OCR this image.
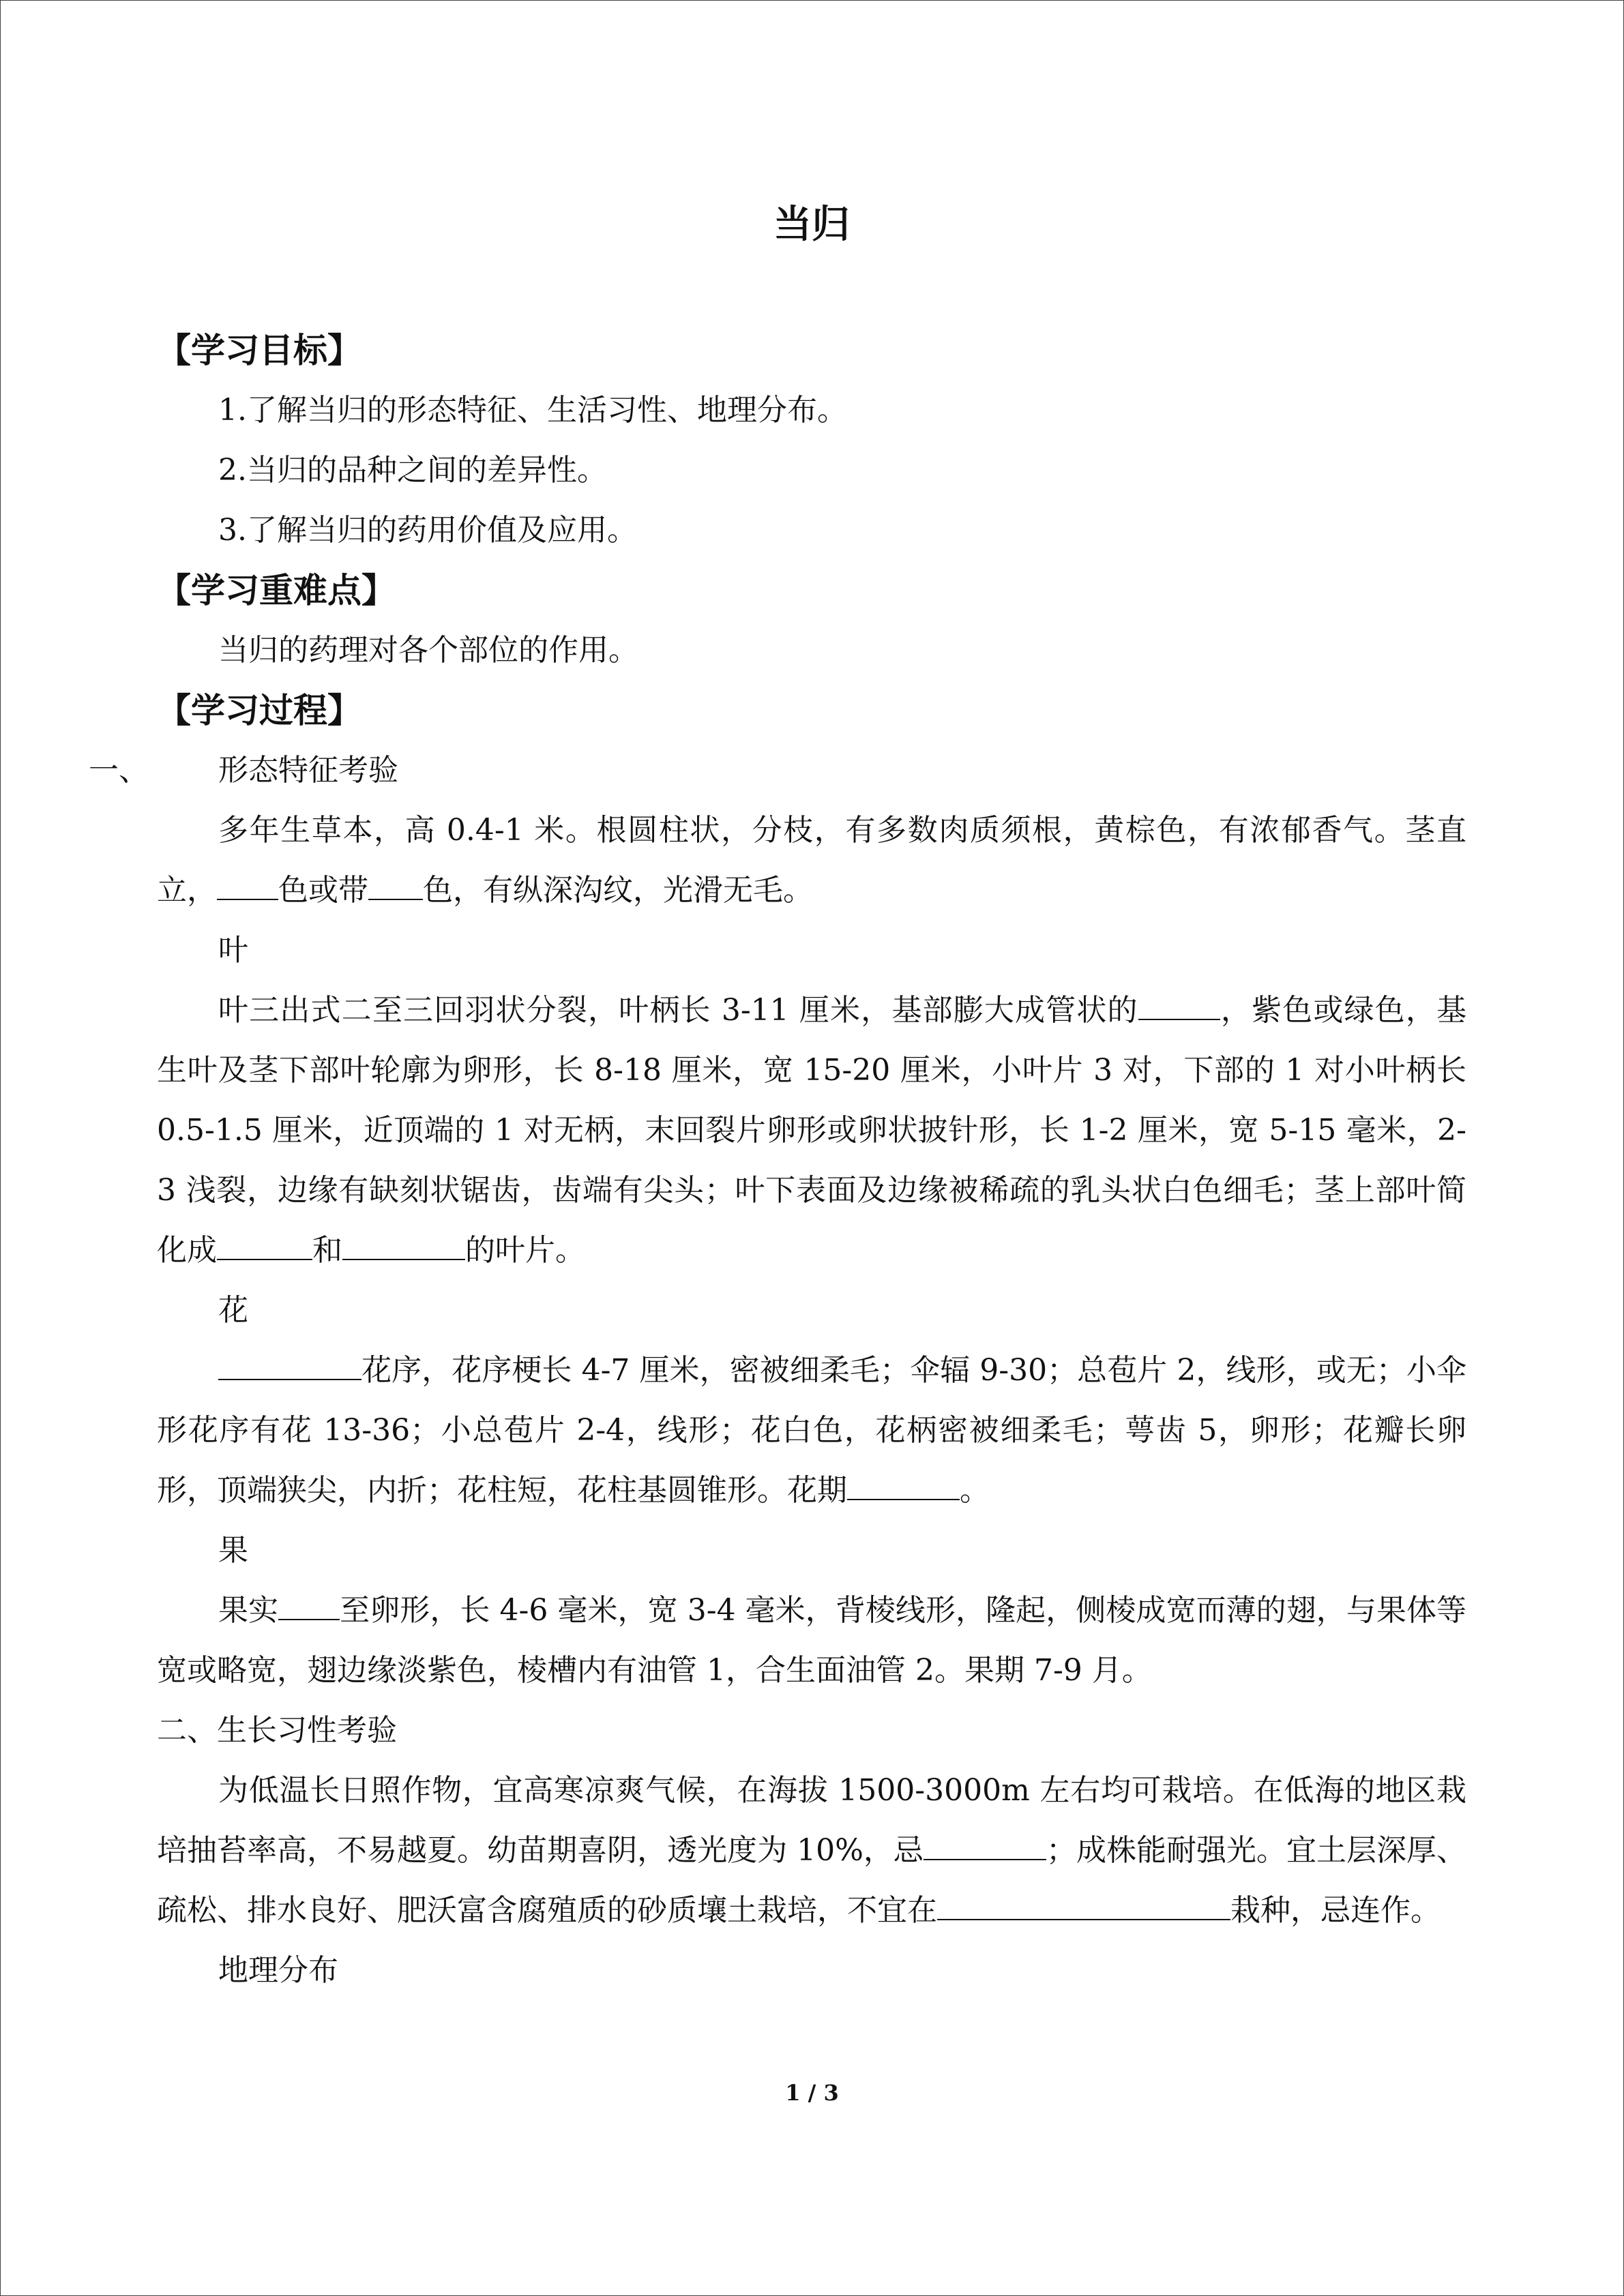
当归

【学习目标】

1.了解当归的形态特征、生活习性、地理分布。

2.当归的品种之间的差异性。

3.了解当归的药用价值及应用。

【学习重难点】

当归的药理对各个部位的作用。

【学习过程】

一、 形态特征考验

多年生草本，高 0.4-1 米。根圆柱状，分枝，有多数肉质须根，黄棕色，有浓郁香气。茎直立， 色或带 色，有纵深沟纹，光滑无毛。

叶

叶三出式二至三回羽状分裂，叶柄长 3-11 厘米，基部膨大成管状的	，紫色或绿色，基生叶及茎下部叶轮廓为卵形，长 8-18 厘米，宽 15-20 厘米，小叶片 3 对，下部的 1 对小叶柄长 0.5-1.5 厘米，近顶端的 1 对无柄，末回裂片卵形或卵状披针形，长 1-2 厘米，宽 5-15 毫米，2-3 浅裂，边缘有缺刻状锯齿，齿端有尖头；叶下表面及边缘被稀疏的乳头状白色细毛；茎上部叶简化成	和	的叶片。

花

花序，花序梗长 4-7 厘米，密被细柔毛；伞辐 9-30；总苞片 2，线形，或无；小伞形花序有花 13-36；小总苞片 2-4，线形；花白色，花柄密被细柔毛；萼齿 5，卵形；花瓣长卵形，顶端狭尖，内折；花柱短，花柱基圆锥形。花期	。

果

果实 至卵形，长 4-6 毫米，宽 3-4 毫米，背棱线形，隆起，侧棱成宽而薄的翅，与果体等宽或略宽，翅边缘淡紫色，棱槽内有油管 1，合生面油管 2。果期 7-9 月。

二、生长习性考验

为低温长日照作物，宜高寒凉爽气候，在海拔 1500-3000m 左右均可栽培。在低海的地区栽培抽苔率高，不易越夏。幼苗期喜阴，透光度为 10%，忌	；成株能耐强光。宜土层深厚、疏松、排水良好、肥沃富含腐殖质的砂质壤土栽培，不宜在	栽种，忌连作。

地理分布

1 / 3
